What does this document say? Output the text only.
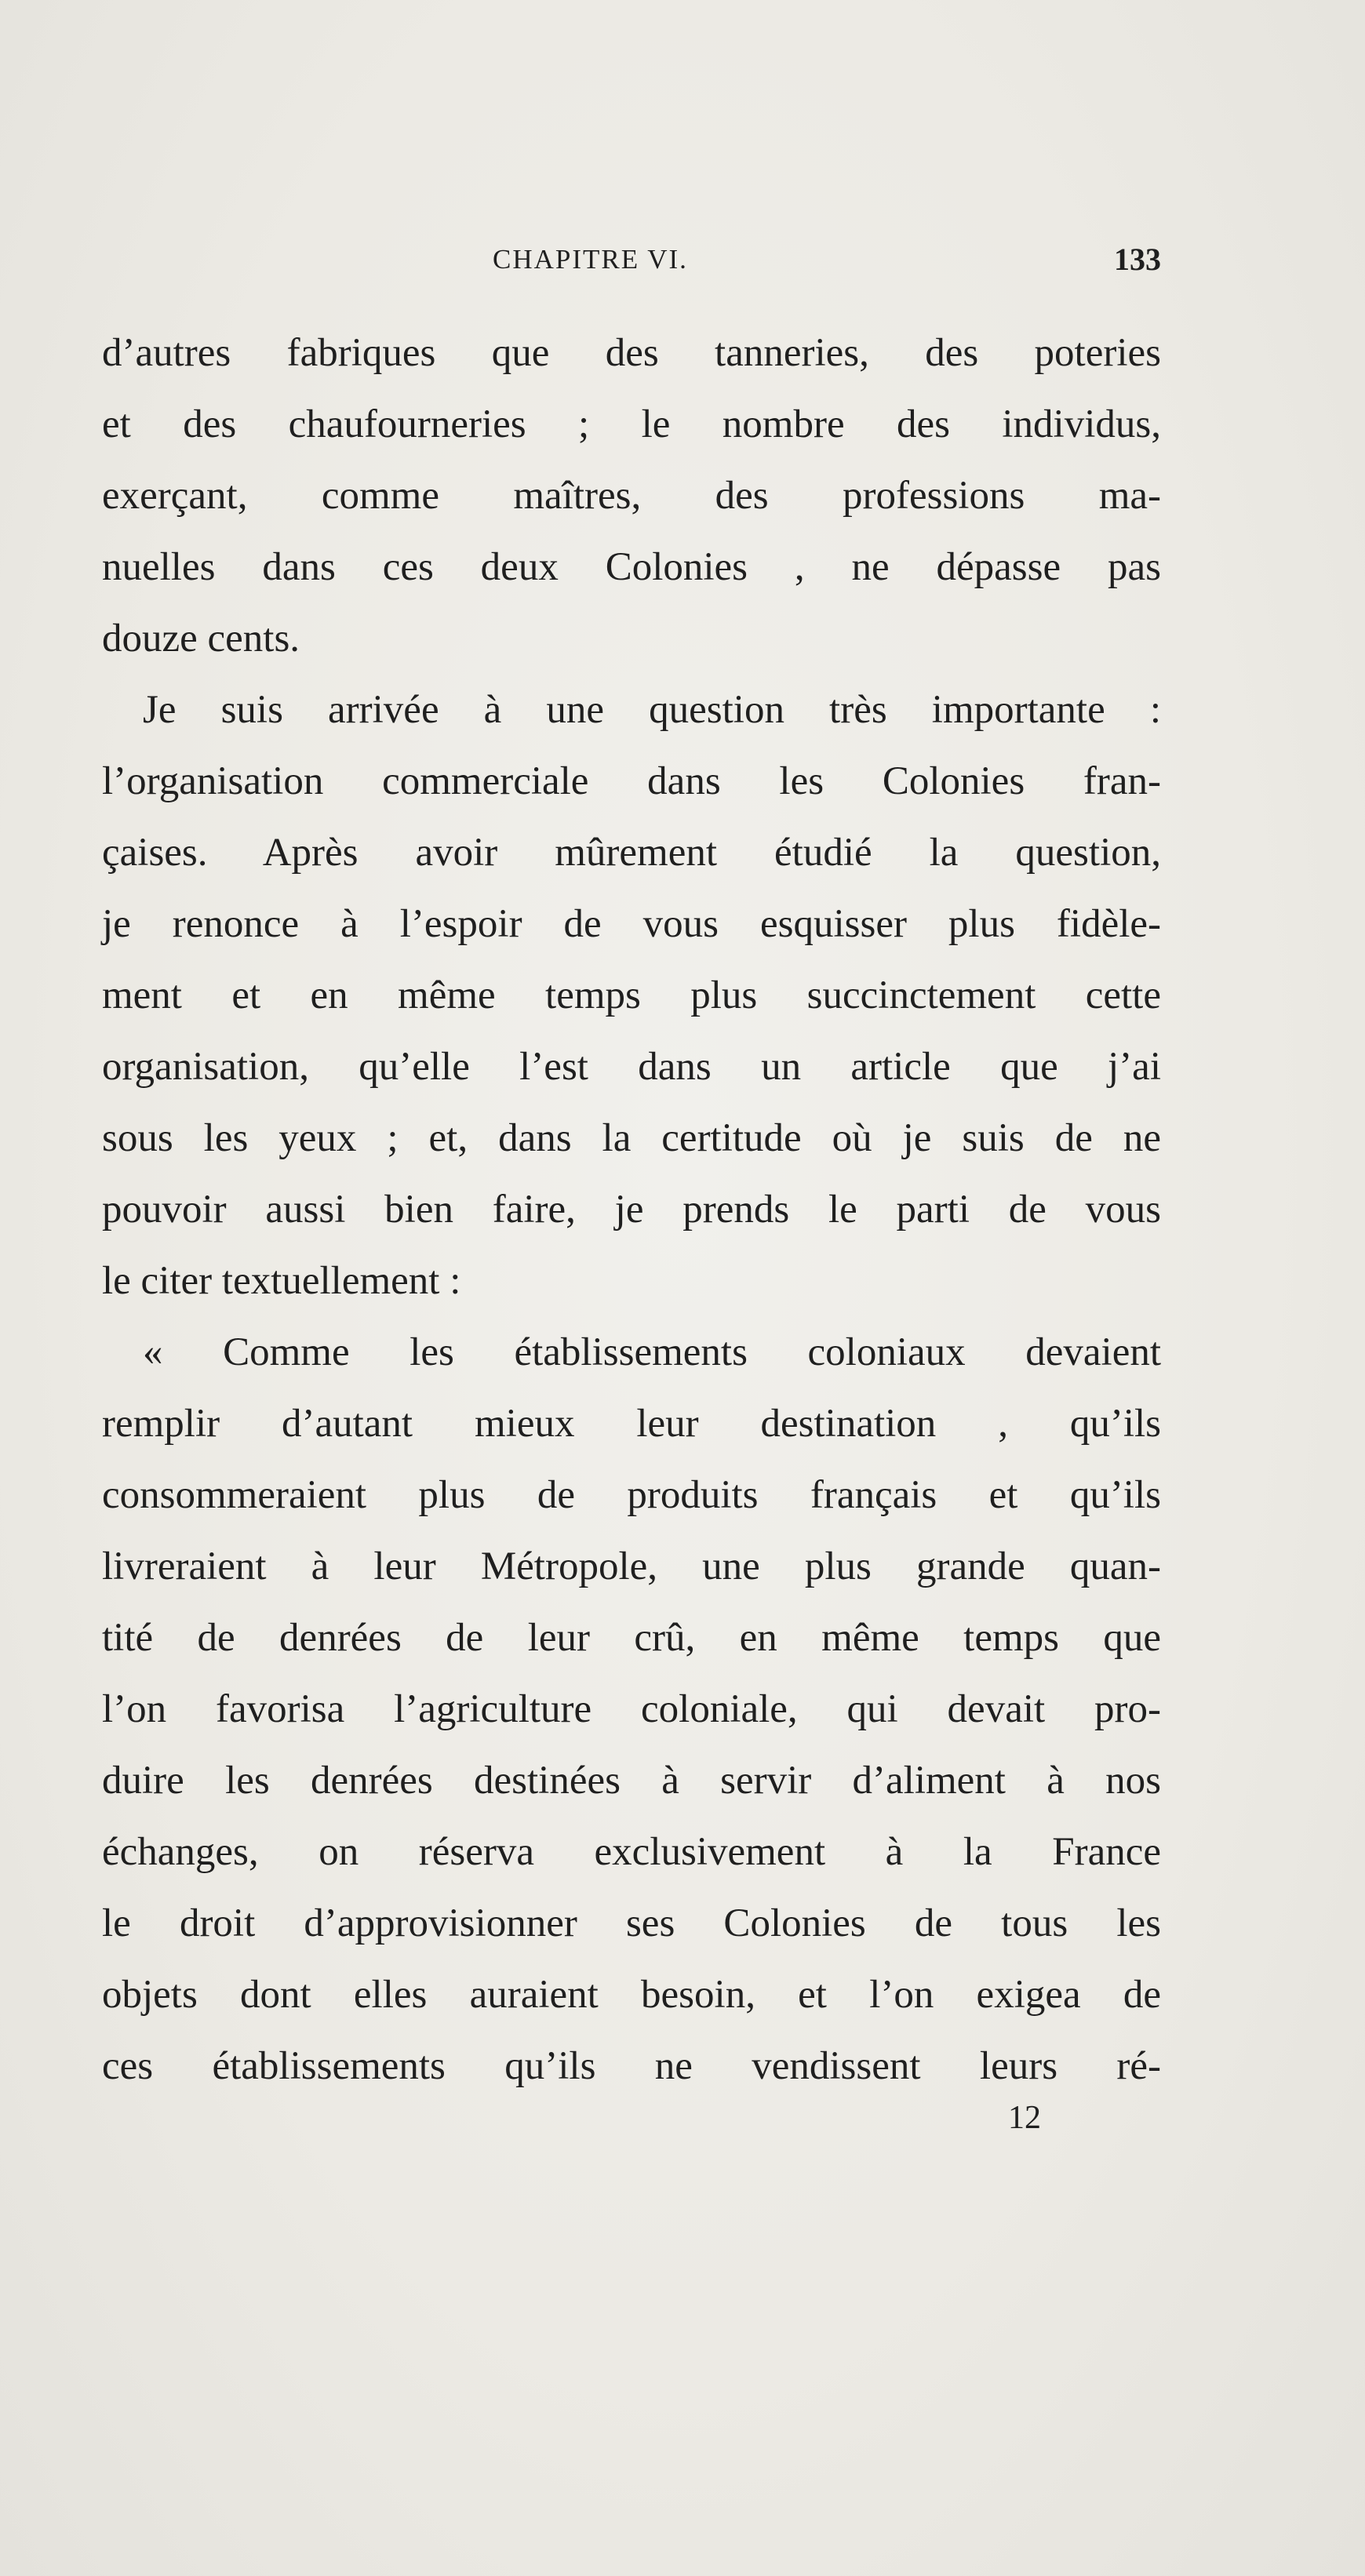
CHAPITRE VI.	133
d’autres fabriques que des tanneries, des poteries
et des chaufourneries ; le nombre des individus,
exerçant, comme maîtres, des professions ma-
nuelles dans ces deux Colonies , ne dépasse pas
douze cents.
Je suis arrivée à une question très importante :
l’organisation commerciale dans les Colonies fran-
çaises. Après avoir mûrement étudié la question,
je renonce à l’espoir de vous esquisser plus fidèle-
ment et en même temps plus succinctement cette
organisation, qu’elle l’est dans un article que j’ai
sous les yeux ; et, dans la certitude où je suis de ne
pouvoir aussi bien faire, je prends le parti de vous
le citer textuellement :
« Comme les établissements coloniaux devaient
remplir d’autant mieux leur destination , qu’ils
consommeraient plus de produits français et qu’ils
livreraient à leur Métropole, une plus grande quan-
tité de denrées de leur crû, en même temps que
l’on favorisa l’agriculture coloniale, qui devait pro-
duire les denrées destinées à servir d’aliment à nos
échanges, on réserva exclusivement à la France
le droit d’approvisionner ses Colonies de tous les
objets dont elles auraient besoin, et l’on exigea de
ces établissements qu’ils ne vendissent leurs ré-
12
